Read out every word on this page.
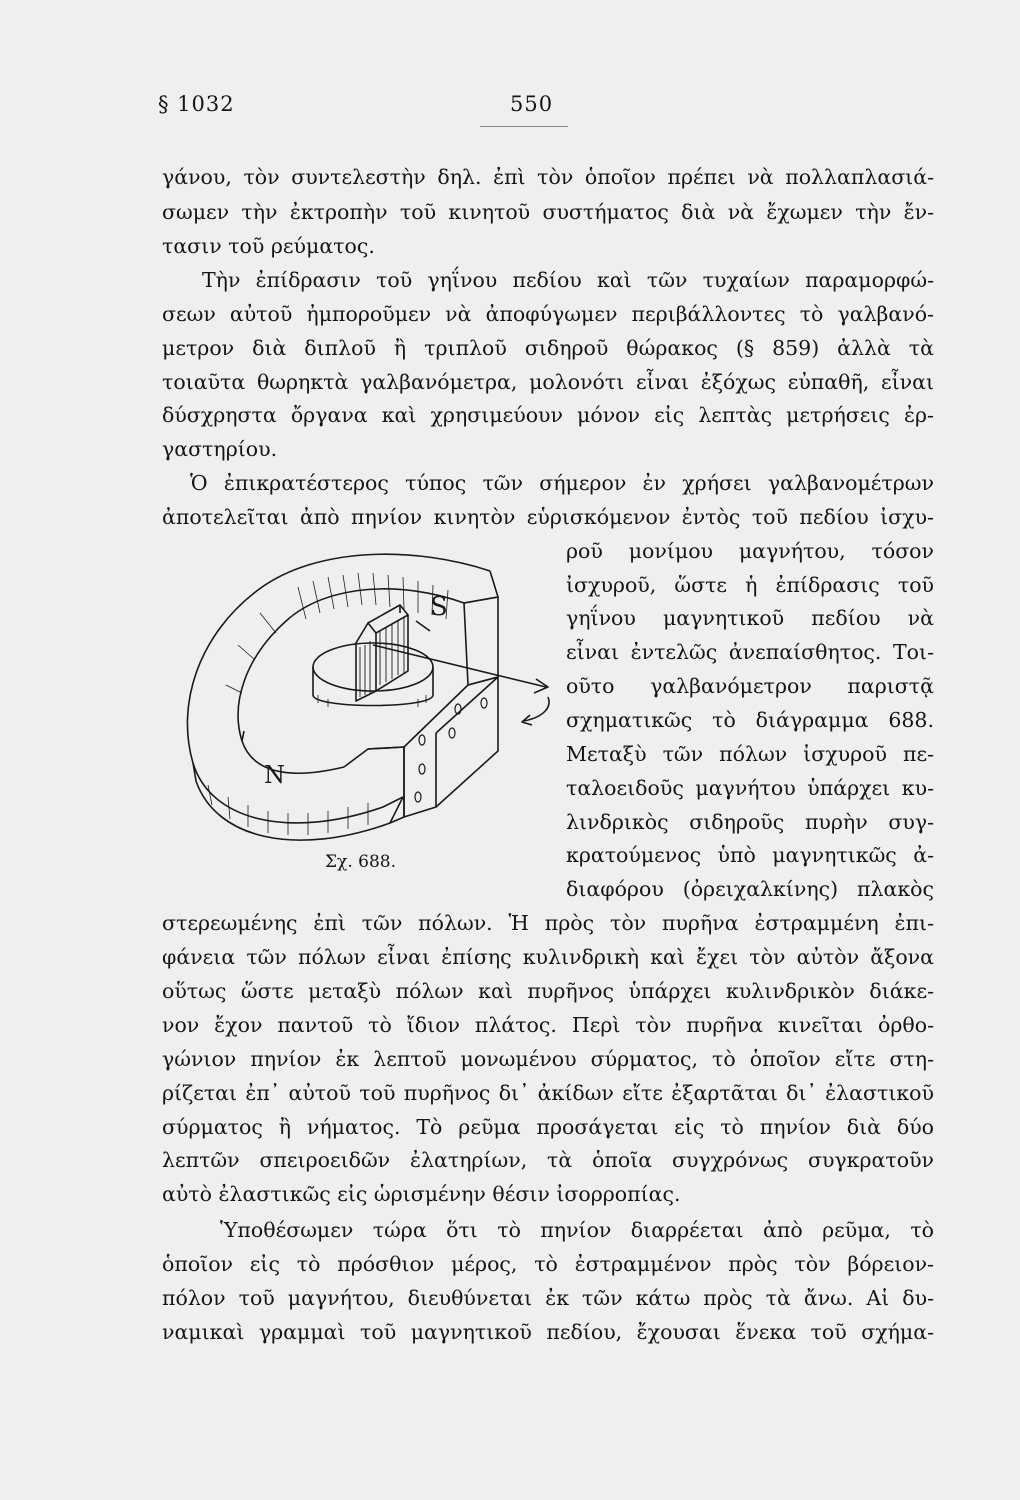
§ 1032	550
γάνου, τὸν συντελεστὴν δηλ. ἐπὶ τὸν ὁποῖον πρέπει νὰ πολλαπλασιά-
σωμεν τὴν ἐκτροπὴν τοῦ κινητοῦ συστήματος διὰ νὰ ἔχωμεν τὴν ἔν-
τασιν τοῦ ρεύματος.
Τὴν ἐπίδρασιν τοῦ γηΐνου πεδίου καὶ τῶν τυχαίων παραμορφώ-
σεων αὐτοῦ ἠμποροῦμεν νὰ ἀποφύγωμεν περιβάλλοντες τὸ γαλβανό-
μετρον διὰ διπλοῦ ἢ τριπλοῦ σιδηροῦ θώρακος (§ 859) ἀλλὰ τὰ
τοιαῦτα θωρηκτὰ γαλβανόμετρα, μολονότι εἶναι ἐξόχως εὐπαθῆ, εἶναι
δύσχρηστα ὄργανα καὶ χρησιμεύουν μόνον εἰς λεπτὰς μετρήσεις ἐρ-
γαστηρίου.
Ὁ ἐπικρατέστερος τύπος τῶν σήμερον ἐν χρήσει γαλβανομέτρων
ἀποτελεῖται ἀπὸ πηνίον κινητὸν εὑρισκόμενον ἐντὸς τοῦ πεδίου ἰσχυ-
ροῦ μονίμου μαγνήτου, τόσον
ἰσχυροῦ, ὥστε ἡ ἐπίδρασις τοῦ
γηΐνου μαγνητικοῦ πεδίου νὰ
εἶναι ἐντελῶς ἀνεπαίσθητος. Τοι-
οῦτο γαλβανόμετρον παριστᾷ
σχηματικῶς τὸ διάγραμμα 688.
Μεταξὺ τῶν πόλων ἰσχυροῦ πε-
ταλοειδοῦς μαγνήτου ὑπάρχει κυ-
λινδρικὸς σιδηροῦς πυρὴν συγ-
κρατούμενος ὑπὸ μαγνητικῶς ἀ-
διαφόρου (ὀρειχαλκίνης) πλακὸς
στερεωμένης ἐπὶ τῶν πόλων. Ἡ πρὸς τὸν πυρῆνα ἐστραμμένη ἐπι-
φάνεια τῶν πόλων εἶναι ἐπίσης κυλινδρικὴ καὶ ἔχει τὸν αὐτὸν ἄξονα
οὕτως ὥστε μεταξὺ πόλων καὶ πυρῆνος ὑπάρχει κυλινδρικὸν διάκε-
νον ἔχον παντοῦ τὸ ἴδιον πλάτος. Περὶ τὸν πυρῆνα κινεῖται ὀρθο-
γώνιον πηνίον ἐκ λεπτοῦ μονωμένου σύρματος, τὸ ὁποῖον εἴτε στη-
ρίζεται ἐπ᾽ αὐτοῦ τοῦ πυρῆνος δι᾽ ἀκίδων εἴτε ἐξαρτᾶται δι᾽ ἐλαστικοῦ
σύρματος ἢ νήματος. Τὸ ρεῦμα προσάγεται εἰς τὸ πηνίον διὰ δύο
λεπτῶν σπειροειδῶν ἐλατηρίων, τὰ ὁποῖα συγχρόνως συγκρατοῦν
αὐτὸ ἐλαστικῶς εἰς ὡρισμένην θέσιν ἰσορροπίας.
Ὑποθέσωμεν τώρα ὅτι τὸ πηνίον διαρρέεται ἀπὸ ρεῦμα, τὸ
ὁποῖον εἰς τὸ πρόσθιον μέρος, τὸ ἐστραμμένον πρὸς τὸν βόρειον-
πόλον τοῦ μαγνήτου, διευθύνεται ἐκ τῶν κάτω πρὸς τὰ ἄνω. Αἱ δυ-
ναμικαὶ γραμμαὶ τοῦ μαγνητικοῦ πεδίου, ἔχουσαι ἕνεκα τοῦ σχήμα-
S
N
Σχ. 688.
